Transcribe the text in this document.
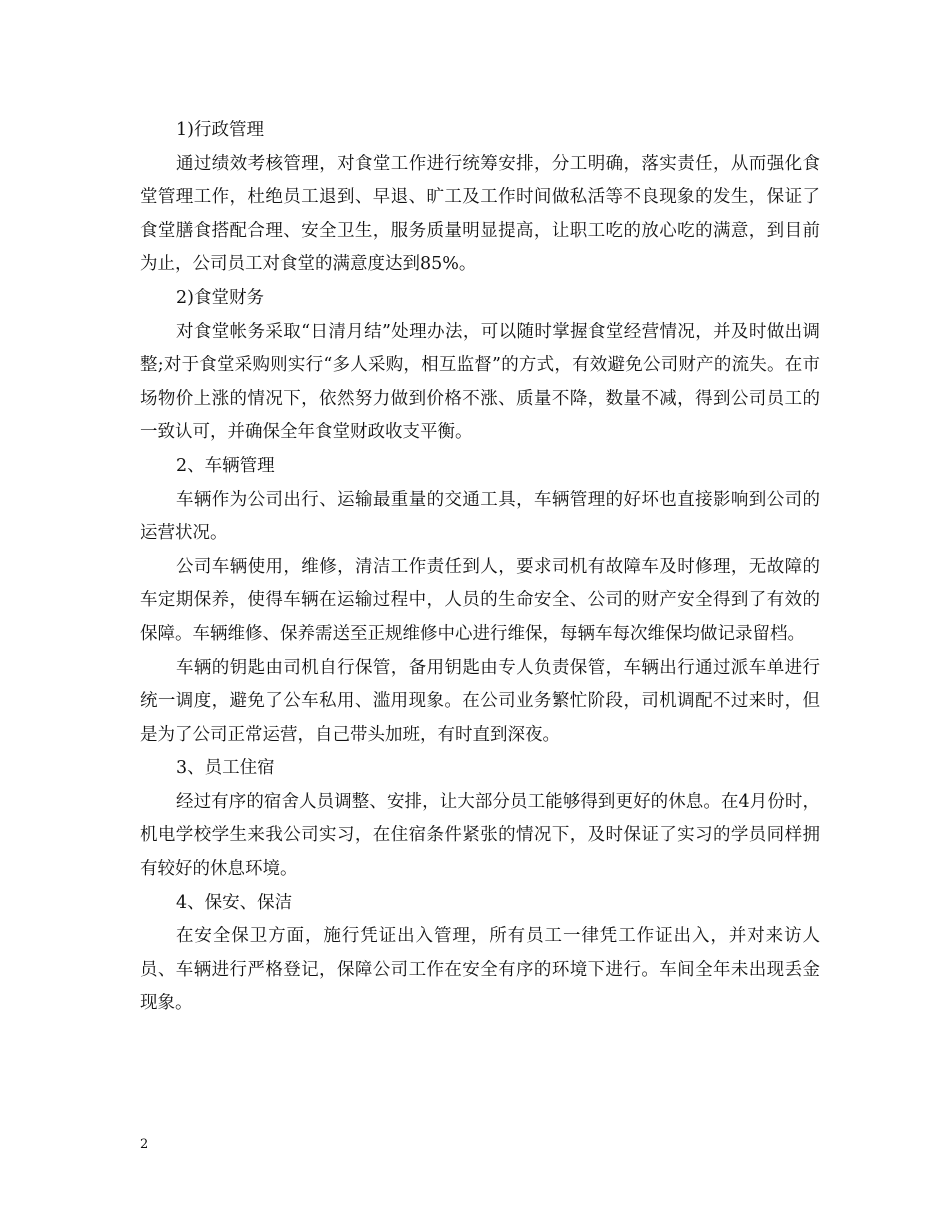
1)行政管理

通过绩效考核管理，对食堂工作进行统筹安排，分工明确，落实责任，从而强化食堂管理工作，杜绝员工退到、早退、旷工及工作时间做私活等不良现象的发生，保证了食堂膳食搭配合理、安全卫生，服务质量明显提高，让职工吃的放心吃的满意，到目前为止，公司员工对食堂的满意度达到85%。

2)食堂财务

对食堂帐务采取“日清月结”处理办法，可以随时掌握食堂经营情况，并及时做出调整;对于食堂采购则实行“多人采购，相互监督”的方式，有效避免公司财产的流失。在市场物价上涨的情况下，依然努力做到价格不涨、质量不降，数量不减，得到公司员工的一致认可，并确保全年食堂财政收支平衡。

2、车辆管理

车辆作为公司出行、运输最重量的交通工具，车辆管理的好坏也直接影响到公司的运营状况。

公司车辆使用，维修，清洁工作责任到人，要求司机有故障车及时修理，无故障的车定期保养，使得车辆在运输过程中，人员的生命安全、公司的财产安全得到了有效的保障。车辆维修、保养需送至正规维修中心进行维保，每辆车每次维保均做记录留档。

车辆的钥匙由司机自行保管，备用钥匙由专人负责保管，车辆出行通过派车单进行统一调度，避免了公车私用、滥用现象。在公司业务繁忙阶段，司机调配不过来时，但是为了公司正常运营，自己带头加班，有时直到深夜。

3、员工住宿

经过有序的宿舍人员调整、安排，让大部分员工能够得到更好的休息。在4月份时，机电学校学生来我公司实习，在住宿条件紧张的情况下，及时保证了实习的学员同样拥有较好的休息环境。

4、保安、保洁

在安全保卫方面，施行凭证出入管理，所有员工一律凭工作证出入，并对来访人员、车辆进行严格登记，保障公司工作在安全有序的环境下进行。车间全年未出现丢金现象。

2
